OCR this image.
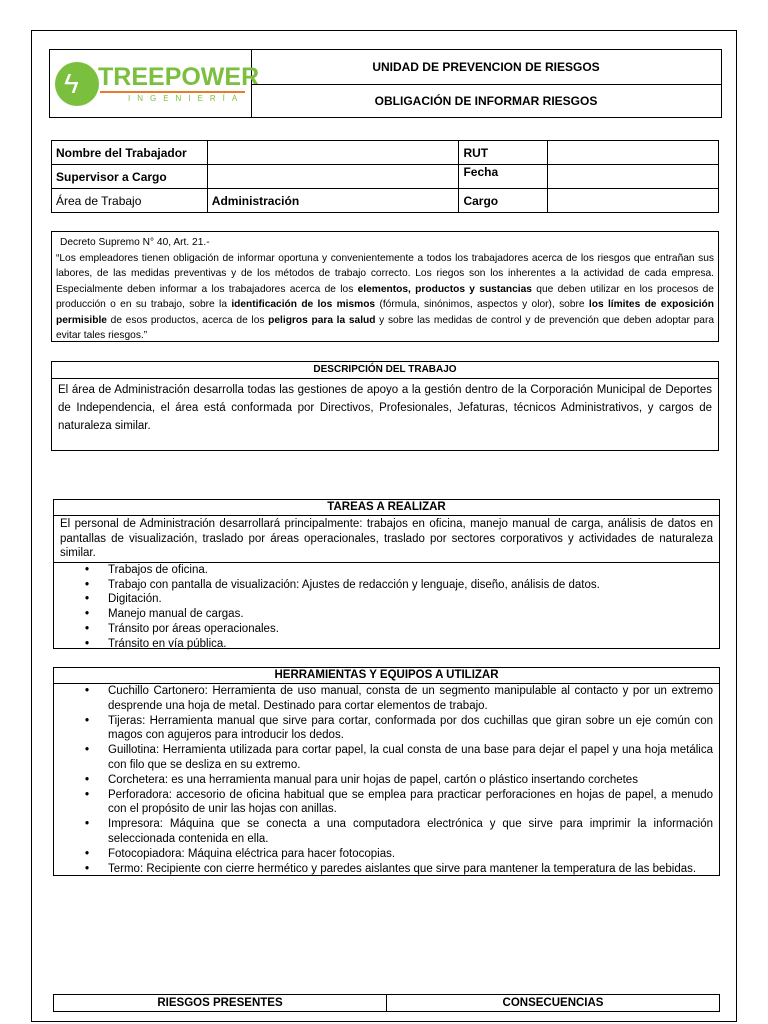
ϟ TREEPOWER
INGENIERÍA
UNIDAD DE PREVENCION DE RIESGOS
OBLIGACIÓN DE INFORMAR RIESGOS
Nombre del Trabajador		RUT	
Supervisor a Cargo		Fecha	
Área de Trabajo	Administración	Cargo	

Decreto Supremo N° 40, Art. 21.-

“Los empleadores tienen obligación de informar oportuna y convenientemente a todos los trabajadores acerca de los riesgos que entrañan sus labores, de las medidas preventivas y de los métodos de trabajo correcto. Los riegos son los inherentes a la actividad de cada empresa. Especialmente deben informar a los trabajadores acerca de los elementos, productos y sustancias que deben utilizar en los procesos de producción o en su trabajo, sobre la identificación de los mismos (fórmula, sinónimos, aspectos y olor), sobre los límites de exposición permisible de esos productos, acerca de los peligros para la salud y sobre las medidas de control y de prevención que deben adoptar para evitar tales riesgos.”

DESCRIPCIÓN DEL TRABAJO
El área de Administración desarrolla todas las gestiones de apoyo a la gestión dentro de la Corporación Municipal de Deportes de Independencia, el área está conformada por Directivos, Profesionales, Jefaturas, técnicos Administrativos, y cargos de naturaleza similar.
TAREAS A REALIZAR
El personal de Administración desarrollará principalmente: trabajos en oficina, manejo manual de carga, análisis de datos en pantallas de visualización, traslado por áreas operacionales, traslado por sectores corporativos y actividades de naturaleza similar.
• Trabajos de oficina.
• Trabajo con pantalla de visualización: Ajustes de redacción y lenguaje, diseño, análisis de datos.
• Digitación.
• Manejo manual de cargas.
• Tránsito por áreas operacionales.
• Tránsito en vía pública.
HERRAMIENTAS Y EQUIPOS A UTILIZAR
• Cuchillo Cartonero: Herramienta de uso manual, consta de un segmento manipulable al contacto y por un extremo desprende una hoja de metal. Destinado para cortar elementos de trabajo.
• Tijeras: Herramienta manual que sirve para cortar, conformada por dos cuchillas que giran sobre un eje común con magos con agujeros para introducir los dedos.
• Guillotina: Herramienta utilizada para cortar papel, la cual consta de una base para dejar el papel y una hoja metálica con filo que se desliza en su extremo.
• Corchetera: es una herramienta manual para unir hojas de papel, cartón o plástico insertando corchetes
• Perforadora: accesorio de oficina habitual que se emplea para practicar perforaciones en hojas de papel, a menudo con el propósito de unir las hojas con anillas.
• Impresora: Máquina que se conecta a una computadora electrónica y que sirve para imprimir la información seleccionada contenida en ella.
• Fotocopiadora: Máquina eléctrica para hacer fotocopias.
• Termo: Recipiente con cierre hermético y paredes aislantes que sirve para mantener la temperatura de las bebidas.
RIESGOS PRESENTES	CONSECUENCIAS
